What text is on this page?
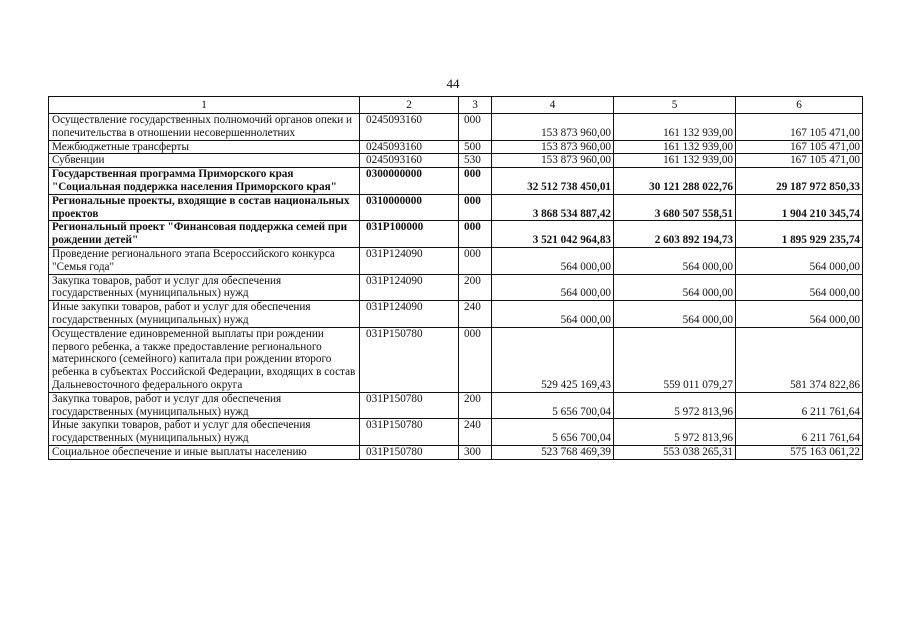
44
1	2	3	4	5	6
Осуществление государственных полномочий органов опеки и попечительства в отношении несовершеннолетних	0245093160	000	153 873 960,00	161 132 939,00	167 105 471,00
Межбюджетные трансферты	0245093160	500	153 873 960,00	161 132 939,00	167 105 471,00
Субвенции	0245093160	530	153 873 960,00	161 132 939,00	167 105 471,00
Государственная программа Приморского края "Социальная поддержка населения Приморского края"	0300000000	000	32 512 738 450,01	30 121 288 022,76	29 187 972 850,33
Региональные проекты, входящие в состав национальных проектов	0310000000	000	3 868 534 887,42	3 680 507 558,51	1 904 210 345,74
Региональный проект "Финансовая поддержка семей при рождении детей"	031P100000	000	3 521 042 964,83	2 603 892 194,73	1 895 929 235,74
Проведение регионального этапа Всероссийского конкурса "Семья года"	031P124090	000	564 000,00	564 000,00	564 000,00
Закупка товаров, работ и услуг для обеспечения государственных (муниципальных) нужд	031P124090	200	564 000,00	564 000,00	564 000,00
Иные закупки товаров, работ и услуг для обеспечения государственных (муниципальных) нужд	031P124090	240	564 000,00	564 000,00	564 000,00
Осуществление единовременной выплаты при рождении первого ребенка, а также предоставление регионального материнского (семейного) капитала при рождении второго ребенка в субъектах Российской Федерации, входящих в состав Дальневосточного федерального округа	031P150780	000	529 425 169,43	559 011 079,27	581 374 822,86
Закупка товаров, работ и услуг для обеспечения государственных (муниципальных) нужд	031P150780	200	5 656 700,04	5 972 813,96	6 211 761,64
Иные закупки товаров, работ и услуг для обеспечения государственных (муниципальных) нужд	031P150780	240	5 656 700,04	5 972 813,96	6 211 761,64
Социальное обеспечение и иные выплаты населению	031P150780	300	523 768 469,39	553 038 265,31	575 163 061,22
